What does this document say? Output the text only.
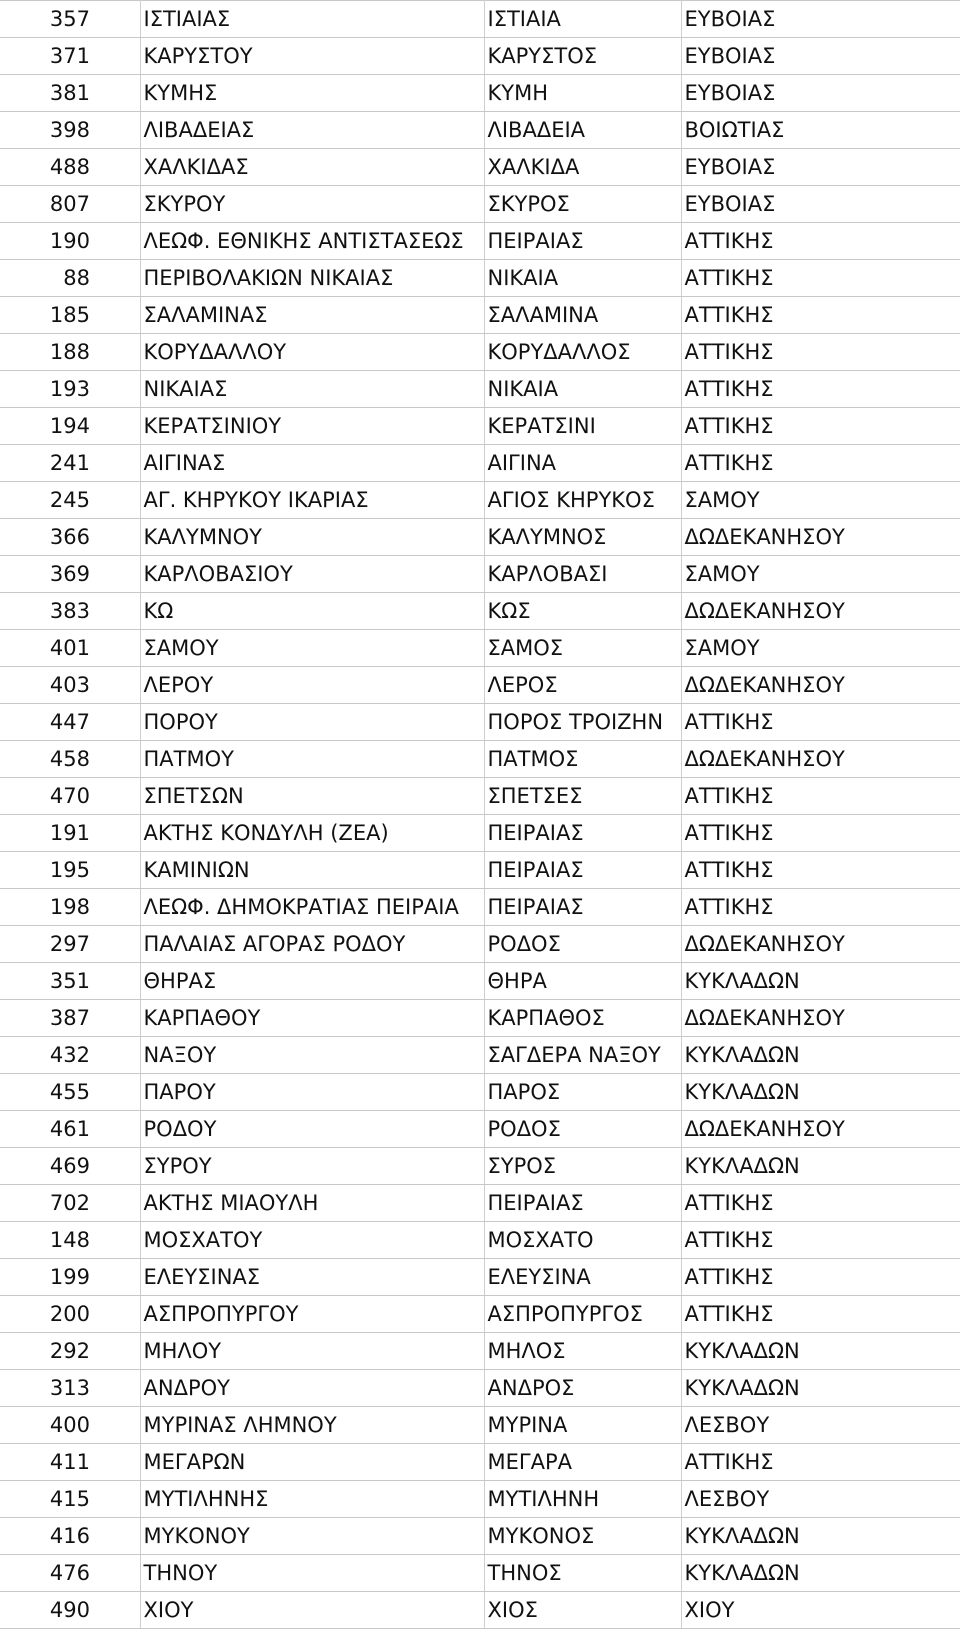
357	ΙΣΤΙΑΙΑΣ	ΙΣΤΙΑΙΑ	ΕΥΒΟΙΑΣ
371	ΚΑΡΥΣΤΟΥ	ΚΑΡΥΣΤΟΣ	ΕΥΒΟΙΑΣ
381	ΚΥΜΗΣ	ΚΥΜΗ	ΕΥΒΟΙΑΣ
398	ΛΙΒΑΔΕΙΑΣ	ΛΙΒΑΔΕΙΑ	ΒΟΙΩΤΙΑΣ
488	ΧΑΛΚΙΔΑΣ	ΧΑΛΚΙΔΑ	ΕΥΒΟΙΑΣ
807	ΣΚΥΡΟΥ	ΣΚΥΡΟΣ	ΕΥΒΟΙΑΣ
190	ΛΕΩΦ. ΕΘΝΙΚΗΣ ΑΝΤΙΣΤΑΣΕΩΣ	ΠΕΙΡΑΙΑΣ	ΑΤΤΙΚΗΣ
88	ΠΕΡΙΒΟΛΑΚΙΩΝ ΝΙΚΑΙΑΣ	ΝΙΚΑΙΑ	ΑΤΤΙΚΗΣ
185	ΣΑΛΑΜΙΝΑΣ	ΣΑΛΑΜΙΝΑ	ΑΤΤΙΚΗΣ
188	ΚΟΡΥΔΑΛΛΟΥ	ΚΟΡΥΔΑΛΛΟΣ	ΑΤΤΙΚΗΣ
193	ΝΙΚΑΙΑΣ	ΝΙΚΑΙΑ	ΑΤΤΙΚΗΣ
194	ΚΕΡΑΤΣΙΝΙΟΥ	ΚΕΡΑΤΣΙΝΙ	ΑΤΤΙΚΗΣ
241	ΑΙΓΙΝΑΣ	ΑΙΓΙΝΑ	ΑΤΤΙΚΗΣ
245	ΑΓ. ΚΗΡΥΚΟΥ ΙΚΑΡΙΑΣ	ΑΓΙΟΣ ΚΗΡΥΚΟΣ	ΣΑΜΟΥ
366	ΚΑΛΥΜΝΟΥ	ΚΑΛΥΜΝΟΣ	ΔΩΔΕΚΑΝΗΣΟΥ
369	ΚΑΡΛΟΒΑΣΙΟΥ	ΚΑΡΛΟΒΑΣΙ	ΣΑΜΟΥ
383	ΚΩ	ΚΩΣ	ΔΩΔΕΚΑΝΗΣΟΥ
401	ΣΑΜΟΥ	ΣΑΜΟΣ	ΣΑΜΟΥ
403	ΛΕΡΟΥ	ΛΕΡΟΣ	ΔΩΔΕΚΑΝΗΣΟΥ
447	ΠΟΡΟΥ	ΠΟΡΟΣ ΤΡΟΙΖΗΝ	ΑΤΤΙΚΗΣ
458	ΠΑΤΜΟΥ	ΠΑΤΜΟΣ	ΔΩΔΕΚΑΝΗΣΟΥ
470	ΣΠΕΤΣΩΝ	ΣΠΕΤΣΕΣ	ΑΤΤΙΚΗΣ
191	ΑΚΤΗΣ ΚΟΝΔΥΛΗ (ΖΕΑ)	ΠΕΙΡΑΙΑΣ	ΑΤΤΙΚΗΣ
195	ΚΑΜΙΝΙΩΝ	ΠΕΙΡΑΙΑΣ	ΑΤΤΙΚΗΣ
198	ΛΕΩΦ. ΔΗΜΟΚΡΑΤΙΑΣ ΠΕΙΡΑΙΑ	ΠΕΙΡΑΙΑΣ	ΑΤΤΙΚΗΣ
297	ΠΑΛΑΙΑΣ ΑΓΟΡΑΣ ΡΟΔΟΥ	ΡΟΔΟΣ	ΔΩΔΕΚΑΝΗΣΟΥ
351	ΘΗΡΑΣ	ΘΗΡΑ	ΚΥΚΛΑΔΩΝ
387	ΚΑΡΠΑΘΟΥ	ΚΑΡΠΑΘΟΣ	ΔΩΔΕΚΑΝΗΣΟΥ
432	ΝΑΞΟΥ	ΣΑΓΔΕΡΑ ΝΑΞΟΥ	ΚΥΚΛΑΔΩΝ
455	ΠΑΡΟΥ	ΠΑΡΟΣ	ΚΥΚΛΑΔΩΝ
461	ΡΟΔΟΥ	ΡΟΔΟΣ	ΔΩΔΕΚΑΝΗΣΟΥ
469	ΣΥΡΟΥ	ΣΥΡΟΣ	ΚΥΚΛΑΔΩΝ
702	ΑΚΤΗΣ ΜΙΑΟΥΛΗ	ΠΕΙΡΑΙΑΣ	ΑΤΤΙΚΗΣ
148	ΜΟΣΧΑΤΟΥ	ΜΟΣΧΑΤΟ	ΑΤΤΙΚΗΣ
199	ΕΛΕΥΣΙΝΑΣ	ΕΛΕΥΣΙΝΑ	ΑΤΤΙΚΗΣ
200	ΑΣΠΡΟΠΥΡΓΟΥ	ΑΣΠΡΟΠΥΡΓΟΣ	ΑΤΤΙΚΗΣ
292	ΜΗΛΟΥ	ΜΗΛΟΣ	ΚΥΚΛΑΔΩΝ
313	ΑΝΔΡΟΥ	ΑΝΔΡΟΣ	ΚΥΚΛΑΔΩΝ
400	ΜΥΡΙΝΑΣ ΛΗΜΝΟΥ	ΜΥΡΙΝΑ	ΛΕΣΒΟΥ
411	ΜΕΓΑΡΩΝ	ΜΕΓΑΡΑ	ΑΤΤΙΚΗΣ
415	ΜΥΤΙΛΗΝΗΣ	ΜΥΤΙΛΗΝΗ	ΛΕΣΒΟΥ
416	ΜΥΚΟΝΟΥ	ΜΥΚΟΝΟΣ	ΚΥΚΛΑΔΩΝ
476	ΤΗΝΟΥ	ΤΗΝΟΣ	ΚΥΚΛΑΔΩΝ
490	ΧΙΟΥ	ΧΙΟΣ	ΧΙΟΥ
